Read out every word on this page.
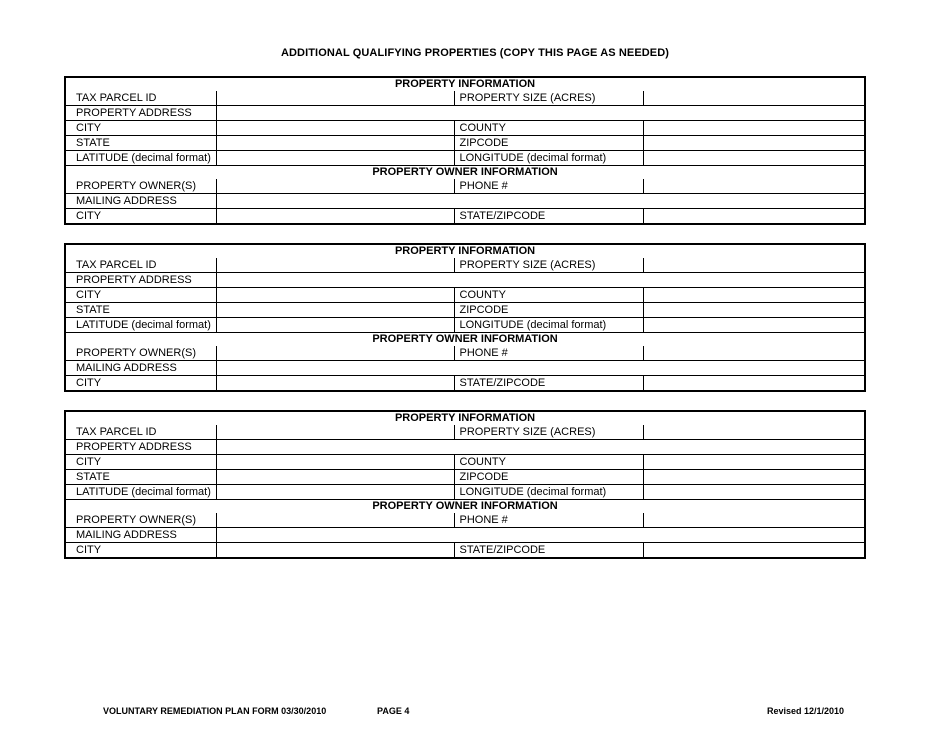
ADDITIONAL QUALIFYING PROPERTIES (COPY THIS PAGE AS NEEDED)
PROPERTY INFORMATION			
TAX PARCEL ID		PROPERTY SIZE (ACRES)	
PROPERTY ADDRESS			
CITY		COUNTY	
STATE		ZIPCODE	
LATITUDE (decimal format)		LONGITUDE (decimal format)	
PROPERTY OWNER INFORMATION			
PROPERTY OWNER(S)		PHONE #	
MAILING ADDRESS			
CITY		STATE/ZIPCODE	
PROPERTY INFORMATION			
TAX PARCEL ID		PROPERTY SIZE (ACRES)	
PROPERTY ADDRESS			
CITY		COUNTY	
STATE		ZIPCODE	
LATITUDE (decimal format)		LONGITUDE (decimal format)	
PROPERTY OWNER INFORMATION			
PROPERTY OWNER(S)		PHONE #	
MAILING ADDRESS			
CITY		STATE/ZIPCODE	
PROPERTY INFORMATION			
TAX PARCEL ID		PROPERTY SIZE (ACRES)	
PROPERTY ADDRESS			
CITY		COUNTY	
STATE		ZIPCODE	
LATITUDE (decimal format)		LONGITUDE (decimal format)	
PROPERTY OWNER INFORMATION			
PROPERTY OWNER(S)		PHONE #	
MAILING ADDRESS			
CITY		STATE/ZIPCODE	
VOLUNTARY REMEDIATION PLAN FORM 03/30/2010	PAGE 4	Revised 12/1/2010
